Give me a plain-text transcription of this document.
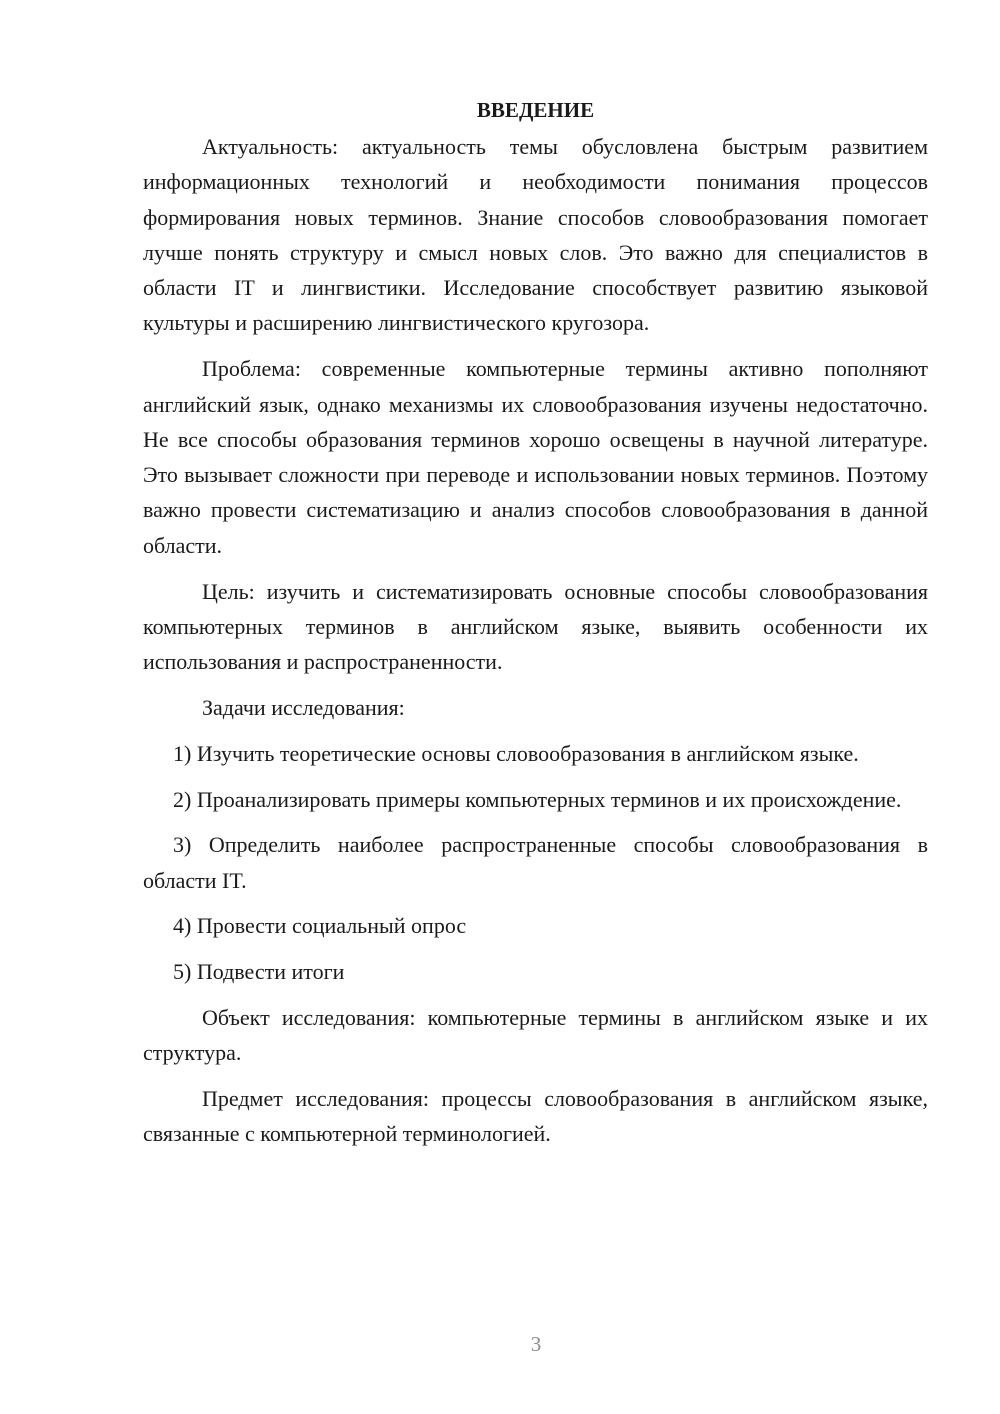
ВВЕДЕНИЕ

Актуальность: актуальность темы обусловлена быстрым развитием информационных технологий и необходимости понимания процессов формирования новых терминов. Знание способов словообразования помогает лучше понять структуру и смысл новых слов. Это важно для специалистов в области IT и лингвистики. Исследование способствует развитию языковой культуры и расширению лингвистического кругозора.

Проблема: современные компьютерные термины активно пополняют английский язык, однако механизмы их словообразования изучены недостаточно. Не все способы образования терминов хорошо освещены в научной литературе. Это вызывает сложности при переводе и использовании новых терминов. Поэтому важно провести систематизацию и анализ способов словообразования в данной области.

Цель: изучить и систематизировать основные способы словообразования компьютерных терминов в английском языке, выявить особенности их использования и распространенности.

Задачи исследования:

1) Изучить теоретические основы словообразования в английском языке.

2) Проанализировать примеры компьютерных терминов и их происхождение.

3) Определить наиболее распространенные способы словообразования в области IT.

4) Провести социальный опрос

5) Подвести итоги

Объект исследования: компьютерные термины в английском языке и их структура.

Предмет исследования: процессы словообразования в английском языке, связанные с компьютерной терминологией.

3
